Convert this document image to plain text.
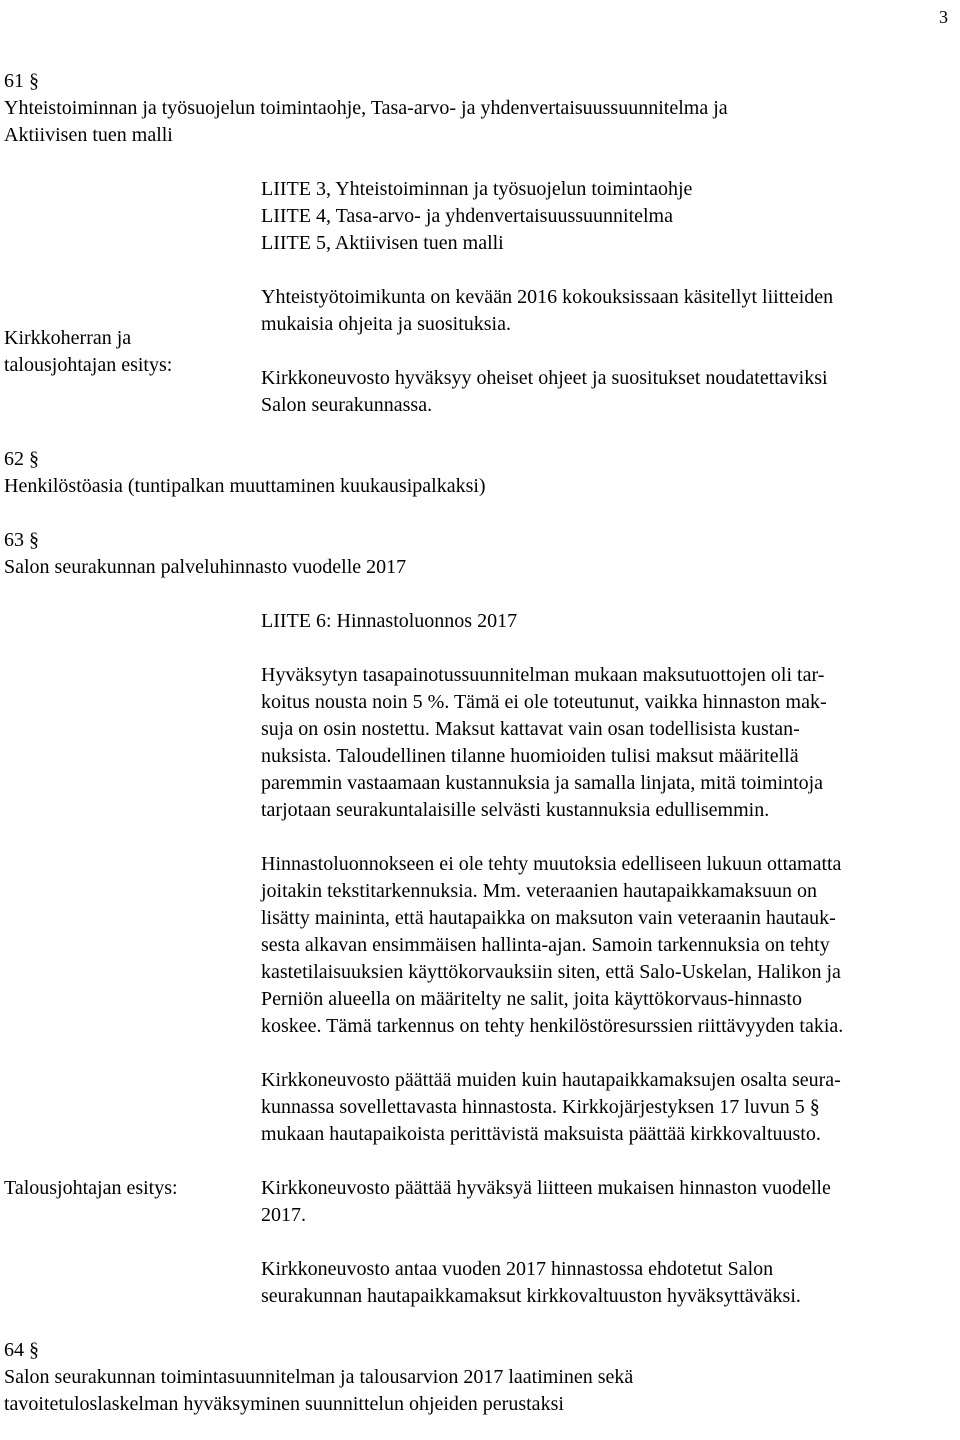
3

61 §

Yhteistoiminnan ja työsuojelun toimintaohje, Tasa-arvo- ja yhdenvertaisuussuunnitelma ja

Aktiivisen tuen malli

LIITE 3, Yhteistoiminnan ja työsuojelun toimintaohje

LIITE 4, Tasa-arvo- ja yhdenvertaisuussuunnitelma

LIITE 5, Aktiivisen tuen malli

Kirkkoherran ja

talousjohtajan esitys:

Yhteistyötoimikunta on kevään 2016 kokouksissaan käsitellyt liitteiden

mukaisia ohjeita ja suosituksia.

Kirkkoneuvosto hyväksyy oheiset ohjeet ja suositukset noudatettaviksi

Salon seurakunnassa.

62 §

Henkilöstöasia (tuntipalkan muuttaminen kuukausipalkaksi)

63 §

Salon seurakunnan palveluhinnasto vuodelle 2017

LIITE 6: Hinnastoluonnos 2017

Hyväksytyn tasapainotussuunnitelman mukaan maksutuottojen oli tar-

koitus nousta noin 5 %. Tämä ei ole toteutunut, vaikka hinnaston mak-

suja on osin nostettu. Maksut kattavat vain osan todellisista kustan-

nuksista. Taloudellinen tilanne huomioiden tulisi maksut määritellä

paremmin vastaamaan kustannuksia ja samalla linjata, mitä toimintoja

tarjotaan seurakuntalaisille selvästi kustannuksia edullisemmin.

Hinnastoluonnokseen ei ole tehty muutoksia edelliseen lukuun ottamatta

joitakin tekstitarkennuksia. Mm. veteraanien hautapaikkamaksuun on

lisätty maininta, että hautapaikka on maksuton vain veteraanin hautauk-

sesta alkavan ensimmäisen hallinta-ajan. Samoin tarkennuksia on tehty

kastetilaisuuksien käyttökorvauksiin siten, että Salo-Uskelan, Halikon ja

Perniön alueella on määritelty ne salit, joita käyttökorvaus-hinnasto

koskee. Tämä tarkennus on tehty henkilöstöresurssien riittävyyden takia.

Kirkkoneuvosto päättää muiden kuin hautapaikkamaksujen osalta seura-

kunnassa sovellettavasta hinnastosta. Kirkkojärjestyksen 17 luvun 5 §

mukaan hautapaikoista perittävistä maksuista päättää kirkkovaltuusto.

Talousjohtajan esitys:	Kirkkoneuvosto päättää hyväksyä liitteen mukaisen hinnaston vuodelle

2017.

Kirkkoneuvosto antaa vuoden 2017 hinnastossa ehdotetut Salon

seurakunnan hautapaikkamaksut kirkkovaltuuston hyväksyttäväksi.

64 §

Salon seurakunnan toimintasuunnitelman ja talousarvion 2017 laatiminen sekä

tavoitetuloslaskelman hyväksyminen suunnittelun ohjeiden perustaksi
